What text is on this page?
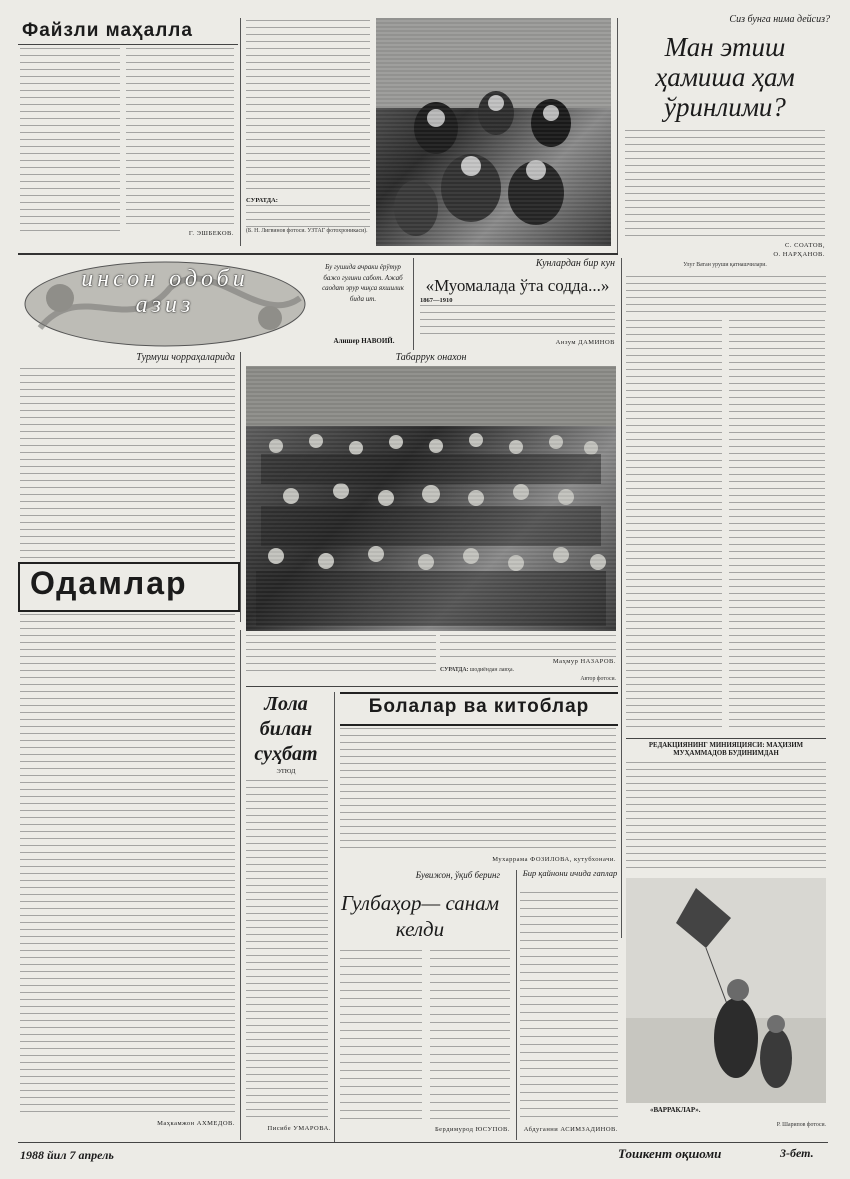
Файзли маҳалла
Г. ЭШБЕКОВ.
СУРАТДА:
(Б. Н. Лигвинов фотоси. УЗТАГ фотохроникаси).
Сиз бунга нима дейсиз?
Ман этиш ҳамиша ҳам ўринлими?
С. СОАТОВ,
О. НАРҲАНОВ.
Улуг Ватан уруши қатнашчилари.
инсон одоби азиз
Бу гушида ачраки ёрўтур бажо гулини сабот. Ажаб саодат эрур чиқса яхшилик бида ит.
Алишер НАВОИЙ.
Кунлардан бир кун
«Муомалада ўта содда...»
1867—1910
Анзум ДАМИНОВ
Турмуш чорраҳаларида	Табаррук онахон
Маҳмур НАЗАРОВ.
СУРАТДА: шодиёндан лавҳа.
Автор фотоси.
Одамлар
Маҳкамжон АХМЕДОВ.
Лола билан суҳбат
ЭТЮД
Писибе УМАРОВА.
Болалар ва китоблар
Мухаррама ФОЗИЛОВА, кутубхоначи.
Бувижон, ўқиб беринг
Гулбаҳор— санам келди
Бердимурод ЮСУПОВ.
Бир қайнони ичида гаплар
Абдуганни АСИМЗАДИНОВ.
РЕДАКЦИЯНИНГ МИНИЯЦИЯСИ: МАҲИЗИМ МУҲАММАДОВ БУДИНИМДАН
«ВАРРАКЛАР».
Р. Шарипов фотоси.
1988 йил 7 апрель	Тошкент оқшоми	3-бет.
